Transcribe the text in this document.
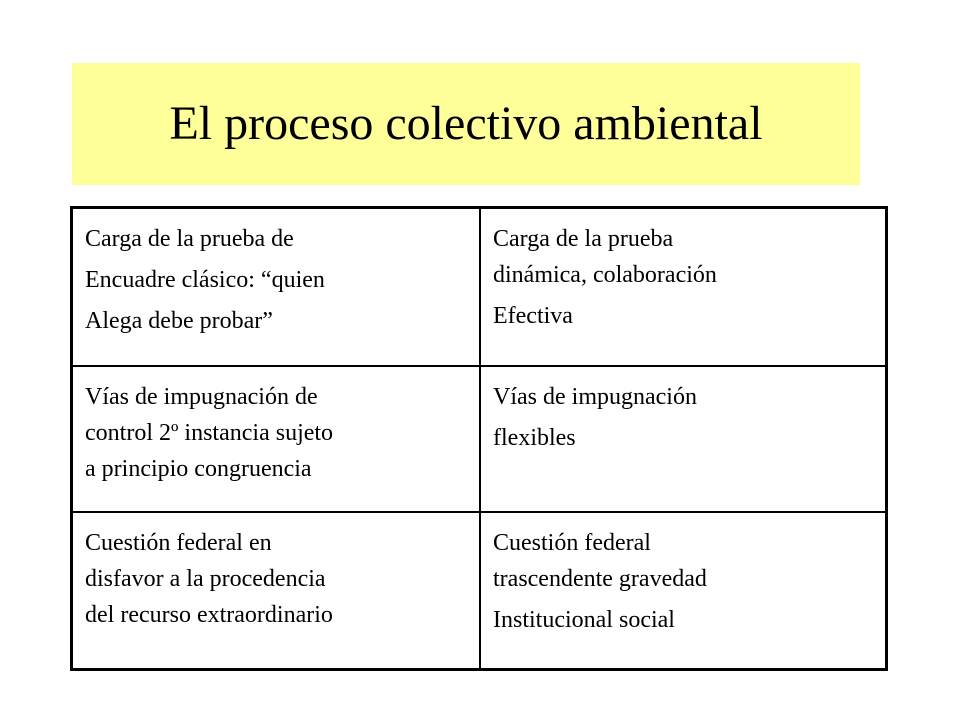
El proceso colectivo ambiental

Carga de la prueba de

Encuadre clásico: “quien

Alega debe probar”

Carga de la prueba

dinámica, colaboración

Efectiva

Vías de impugnación de

control 2º instancia sujeto

a principio congruencia

Vías de impugnación

flexibles

Cuestión federal en

disfavor a la procedencia

del recurso extraordinario

Cuestión federal

trascendente gravedad

Institucional social
